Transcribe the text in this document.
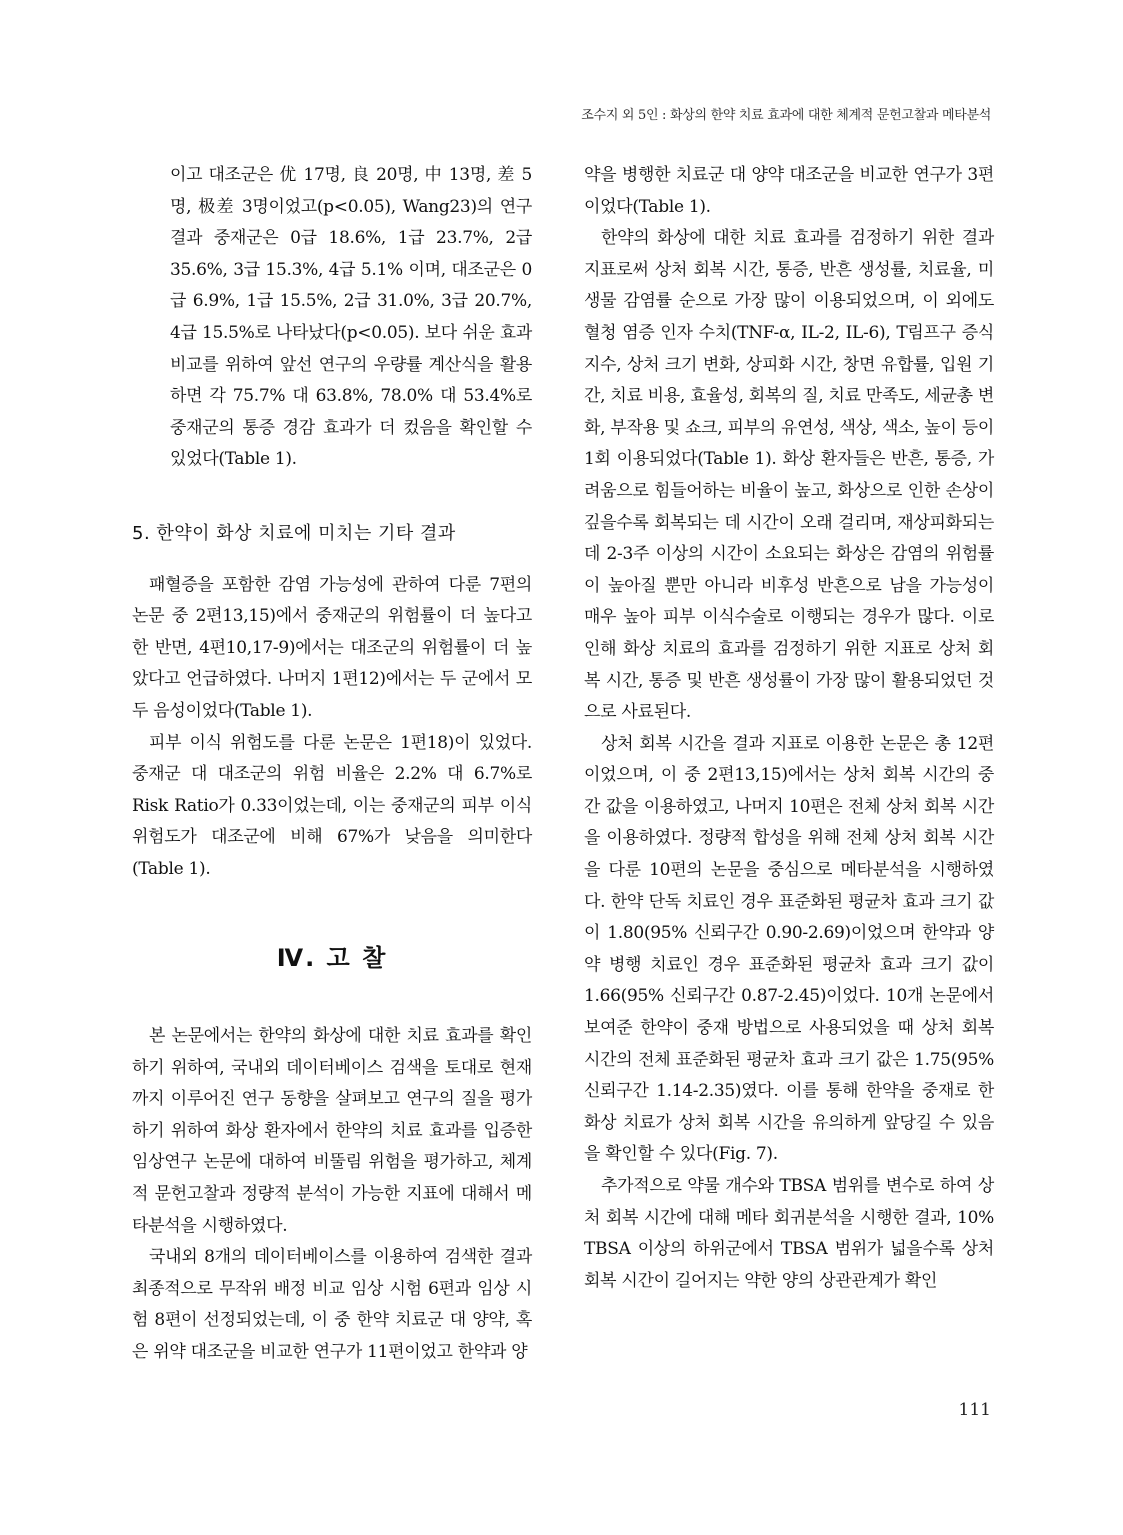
조수지 외 5인 : 화상의 한약 치료 효과에 대한 체계적 문헌고찰과 메타분석

이고 대조군은 优 17명, 良 20명, 中 13명, 差 5명, 极差 3명이었고(p<0.05), Wang23)의 연구 결과 중재군은 0급 18.6%, 1급 23.7%, 2급 35.6%, 3급 15.3%, 4급 5.1% 이며, 대조군은 0급 6.9%, 1급 15.5%, 2급 31.0%, 3급 20.7%, 4급 15.5%로 나타났다(p<0.05). 보다 쉬운 효과 비교를 위하여 앞선 연구의 우량률 계산식을 활용하면 각 75.7% 대 63.8%, 78.0% 대 53.4%로 중재군의 통증 경감 효과가 더 컸음을 확인할 수 있었다(Table 1).

5. 한약이 화상 치료에 미치는 기타 결과

패혈증을 포함한 감염 가능성에 관하여 다룬 7편의 논문 중 2편13,15)에서 중재군의 위험률이 더 높다고 한 반면, 4편10,17-9)에서는 대조군의 위험률이 더 높았다고 언급하였다. 나머지 1편12)에서는 두 군에서 모두 음성이었다(Table 1).

피부 이식 위험도를 다룬 논문은 1편18)이 있었다. 중재군 대 대조군의 위험 비율은 2.2% 대 6.7%로 Risk Ratio가 0.33이었는데, 이는 중재군의 피부 이식 위험도가 대조군에 비해 67%가 낮음을 의미한다(Table 1).

Ⅳ. 고 찰

본 논문에서는 한약의 화상에 대한 치료 효과를 확인하기 위하여, 국내외 데이터베이스 검색을 토대로 현재까지 이루어진 연구 동향을 살펴보고 연구의 질을 평가하기 위하여 화상 환자에서 한약의 치료 효과를 입증한 임상연구 논문에 대하여 비뚤림 위험을 평가하고, 체계적 문헌고찰과 정량적 분석이 가능한 지표에 대해서 메타분석을 시행하였다.

국내외 8개의 데이터베이스를 이용하여 검색한 결과 최종적으로 무작위 배정 비교 임상 시험 6편과 임상 시험 8편이 선정되었는데, 이 중 한약 치료군 대 양약, 혹은 위약 대조군을 비교한 연구가 11편이었고 한약과 양

약을 병행한 치료군 대 양약 대조군을 비교한 연구가 3편이었다(Table 1).

한약의 화상에 대한 치료 효과를 검정하기 위한 결과 지표로써 상처 회복 시간, 통증, 반흔 생성률, 치료율, 미생물 감염률 순으로 가장 많이 이용되었으며, 이 외에도 혈청 염증 인자 수치(TNF-α, IL-2, IL-6), T림프구 증식 지수, 상처 크기 변화, 상피화 시간, 창면 유합률, 입원 기간, 치료 비용, 효율성, 회복의 질, 치료 만족도, 세균총 변화, 부작용 및 쇼크, 피부의 유연성, 색상, 색소, 높이 등이 1회 이용되었다(Table 1). 화상 환자들은 반흔, 통증, 가려움으로 힘들어하는 비율이 높고, 화상으로 인한 손상이 깊을수록 회복되는 데 시간이 오래 걸리며, 재상피화되는데 2-3주 이상의 시간이 소요되는 화상은 감염의 위험률이 높아질 뿐만 아니라 비후성 반흔으로 남을 가능성이 매우 높아 피부 이식수술로 이행되는 경우가 많다. 이로 인해 화상 치료의 효과를 검정하기 위한 지표로 상처 회복 시간, 통증 및 반흔 생성률이 가장 많이 활용되었던 것으로 사료된다.

상처 회복 시간을 결과 지표로 이용한 논문은 총 12편 이었으며, 이 중 2편13,15)에서는 상처 회복 시간의 중간 값을 이용하였고, 나머지 10편은 전체 상처 회복 시간을 이용하였다. 정량적 합성을 위해 전체 상처 회복 시간을 다룬 10편의 논문을 중심으로 메타분석을 시행하였다. 한약 단독 치료인 경우 표준화된 평균차 효과 크기 값이 1.80(95% 신뢰구간 0.90-2.69)이었으며 한약과 양약 병행 치료인 경우 표준화된 평균차 효과 크기 값이 1.66(95% 신뢰구간 0.87-2.45)이었다. 10개 논문에서 보여준 한약이 중재 방법으로 사용되었을 때 상처 회복 시간의 전체 표준화된 평균차 효과 크기 값은 1.75(95% 신뢰구간 1.14-2.35)였다. 이를 통해 한약을 중재로 한 화상 치료가 상처 회복 시간을 유의하게 앞당길 수 있음을 확인할 수 있다(Fig. 7).

추가적으로 약물 개수와 TBSA 범위를 변수로 하여 상처 회복 시간에 대해 메타 회귀분석을 시행한 결과, 10% TBSA 이상의 하위군에서 TBSA 범위가 넓을수록 상처 회복 시간이 길어지는 약한 양의 상관관계가 확인

111
